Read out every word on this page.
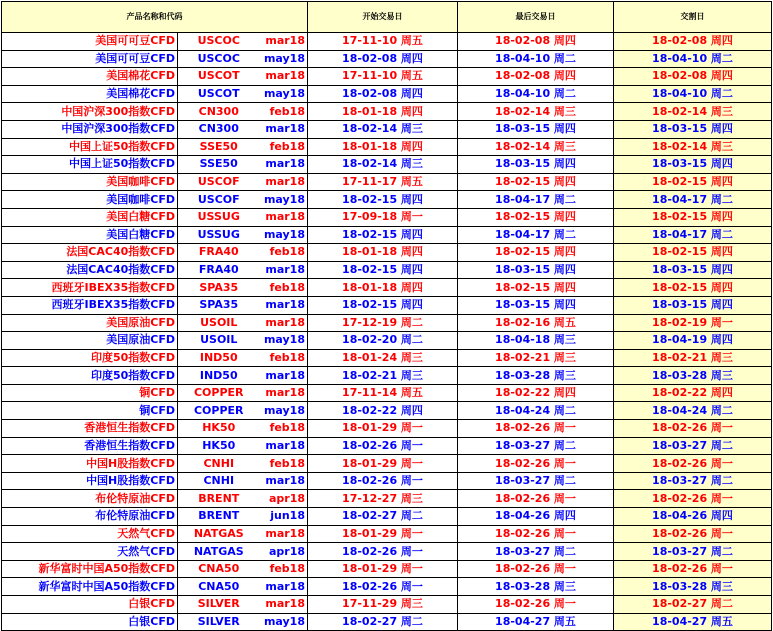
产品名称和代码			开始交易日	最后交易日	交割日
美国可可豆CFD	USCOC	mar18	17-11-10 周五	18-02-08 周四	18-02-08 周四
美国可可豆CFD	USCOC	may18	18-02-08 周四	18-04-10 周二	18-04-10 周二
美国棉花CFD	USCOT	mar18	17-11-10 周五	18-02-08 周四	18-02-08 周四
美国棉花CFD	USCOT	may18	18-02-08 周四	18-04-10 周二	18-04-10 周二
中国沪深300指数CFD	CN300	feb18	18-01-18 周四	18-02-14 周三	18-02-14 周三
中国沪深300指数CFD	CN300	mar18	18-02-14 周三	18-03-15 周四	18-03-15 周四
中国上证50指数CFD	SSE50	feb18	18-01-18 周四	18-02-14 周三	18-02-14 周三
中国上证50指数CFD	SSE50	mar18	18-02-14 周三	18-03-15 周四	18-03-15 周四
美国咖啡CFD	USCOF	mar18	17-11-17 周五	18-02-15 周四	18-02-15 周四
美国咖啡CFD	USCOF	may18	18-02-15 周四	18-04-17 周二	18-04-17 周二
美国白糖CFD	USSUG	mar18	17-09-18 周一	18-02-15 周四	18-02-15 周四
美国白糖CFD	USSUG	may18	18-02-15 周四	18-04-17 周二	18-04-17 周二
法国CAC40指数CFD	FRA40	feb18	18-01-18 周四	18-02-15 周四	18-02-15 周四
法国CAC40指数CFD	FRA40	mar18	18-02-15 周四	18-03-15 周四	18-03-15 周四
西班牙IBEX35指数CFD	SPA35	feb18	18-01-18 周四	18-02-15 周四	18-02-15 周四
西班牙IBEX35指数CFD	SPA35	mar18	18-02-15 周四	18-03-15 周四	18-03-15 周四
美国原油CFD	USOIL	mar18	17-12-19 周二	18-02-16 周五	18-02-19 周一
美国原油CFD	USOIL	may18	18-02-20 周二	18-04-18 周三	18-04-19 周四
印度50指数CFD	IND50	feb18	18-01-24 周三	18-02-21 周三	18-02-21 周三
印度50指数CFD	IND50	mar18	18-02-21 周三	18-03-28 周三	18-03-28 周三
铜CFD	COPPER	mar18	17-11-14 周五	18-02-22 周四	18-02-22 周四
铜CFD	COPPER	may18	18-02-22 周四	18-04-24 周二	18-04-24 周二
香港恒生指数CFD	HK50	feb18	18-01-29 周一	18-02-26 周一	18-02-26 周一
香港恒生指数CFD	HK50	mar18	18-02-26 周一	18-03-27 周二	18-03-27 周二
中国H股指数CFD	CNHI	feb18	18-01-29 周一	18-02-26 周一	18-02-26 周一
中国H股指数CFD	CNHI	mar18	18-02-26 周一	18-03-27 周二	18-03-27 周二
布伦特原油CFD	BRENT	apr18	17-12-27 周三	18-02-26 周一	18-02-26 周一
布伦特原油CFD	BRENT	jun18	18-02-27 周二	18-04-26 周四	18-04-26 周四
天然气CFD	NATGAS	mar18	18-01-29 周一	18-02-26 周一	18-02-26 周一
天然气CFD	NATGAS	apr18	18-02-26 周一	18-03-27 周二	18-03-27 周二
新华富时中国A50指数CFD	CNA50	feb18	18-01-29 周一	18-02-26 周一	18-02-26 周一
新华富时中国A50指数CFD	CNA50	mar18	18-02-26 周一	18-03-28 周三	18-03-28 周三
白银CFD	SILVER	mar18	17-11-29 周三	18-02-26 周一	18-02-27 周二
白银CFD	SILVER	may18	18-02-27 周二	18-04-27 周五	18-04-27 周五
